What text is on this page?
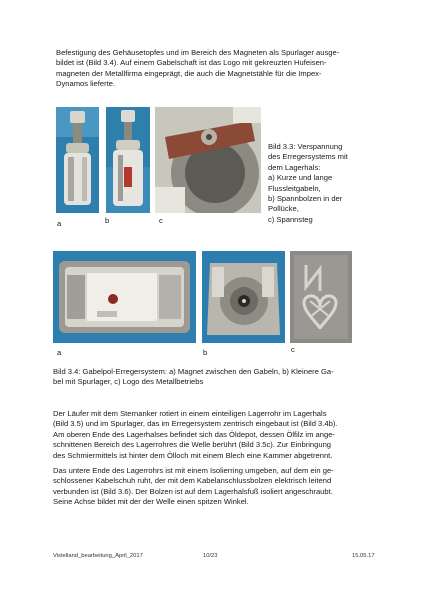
Befestigung des Gehäusetopfes und im Bereich des Magneten als Spurlager ausge-
bildet ist (Bild 3.4). Auf einem Gabelschaft ist das Logo mit gekreuzten Hufeisen-
magneten der Metallfirma eingeprägt, die auch die Magnetstähle für die Impex-
Dynamos lieferte.

a	b	c

Bild 3.3: Verspannung
des Erregersystems mit
dem Lagerhals:
a) Kurze und lange
Flussleitgabeln,
b) Spannbolzen in der
Pollücke,
c) Spannsteg

a	b	c

Bild 3.4: Gabelpol-Erregersystem: a) Magnet zwischen den Gabeln, b) Kleinere Ga-
bel mit Spurlager, c) Logo des Metallbetriebs

Der Läufer mit dem Sternanker rotiert in einem einteiligen Lagerrohr im Lagerhals
(Bild 3.5) und im Spurlager, das im Erregersystem zentrisch eingebaut ist (Bild 3.4b).
Am oberen Ende des Lagerhalses befindet sich das Öldepot, dessen Ölfilz im ange-
schnittenen Bereich des Lagerrohres die Welle berührt (Bild 3.5c). Zur Einbringung
des Schmiermittels ist hinter dem Ölloch mit einem Blech eine Kammer abgetrennt.

Das untere Ende des Lagerrohrs ist mit einem Isolierring umgeben, auf dem ein ge-
schlossener Kabelschuh ruht, der mit dem Kabelanschlussbolzen elektrisch leitend
verbunden ist (Bild 3.6). Der Bolzen ist auf dem Lagerhalsfuß isoliert angeschraubt.
Seine Achse bildet mit der der Welle einen spitzen Winkel.

Vistelland_bearbeitung_April_2017	10/23	15.05.17
